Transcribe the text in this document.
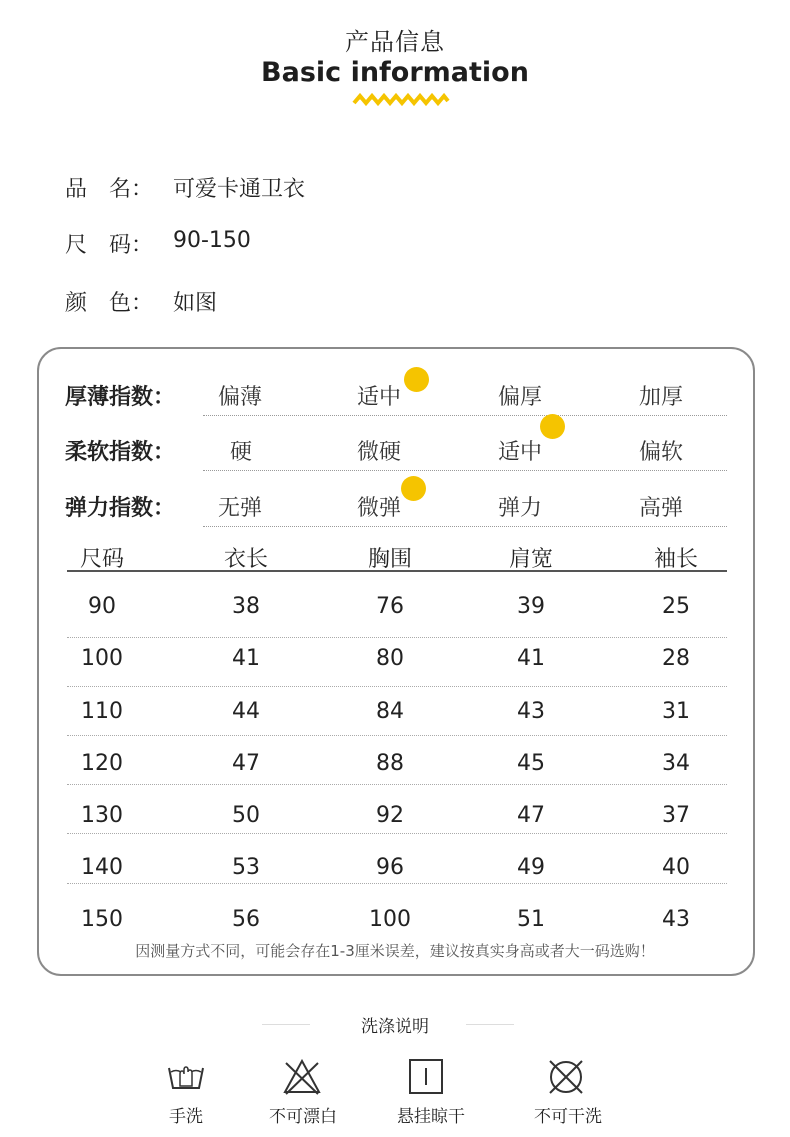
产品信息
Basic information
品　名： 可爱卡通卫衣
尺　码： 90-150
颜　色： 如图
厚薄指数： 偏薄	适中	偏厚	加厚
柔软指数： 硬	微硬	适中	偏软
弹力指数： 无弹	微弹	弹力	高弹
尺码	衣长	胸围	肩宽	袖长
90	38	76	39	25
100	41	80	41	28
110	44	84	43	31
120	47	88	45	34
130	50	92	47	37
140	53	96	49	40
150	56	100	51	43
因测量方式不同，可能会存在1-3厘米误差，建议按真实身高或者大一码选购！
洗涤说明
手洗	不可漂白	悬挂晾干	不可干洗
